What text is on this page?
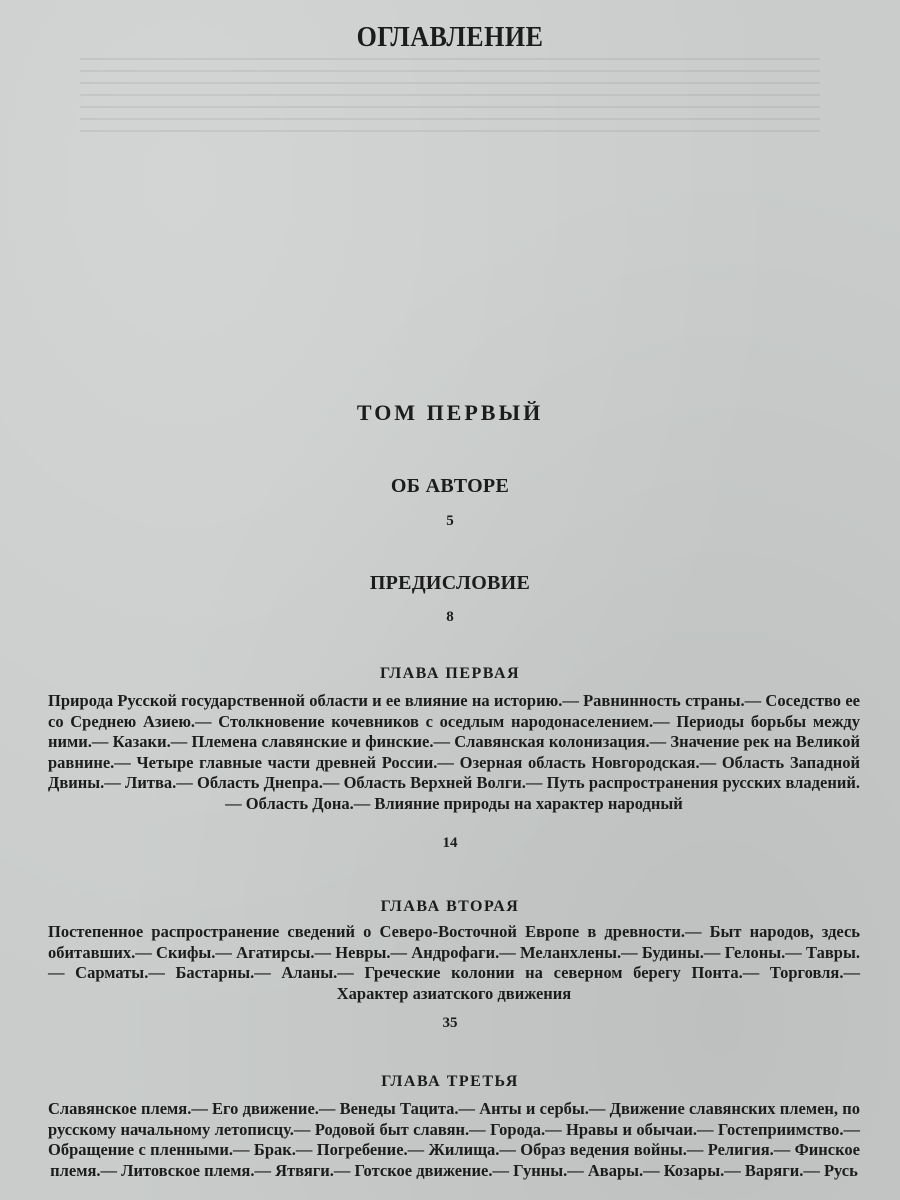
ОГЛАВЛЕНИЕ
ТОМ ПЕРВЫЙ
ОБ АВТОРЕ
5
ПРЕДИСЛОВИЕ
8
ГЛАВА ПЕРВАЯ
Природа Русской государственной области и ее влияние на историю.— Равнинность страны.— Соседство ее со Среднею Азиею.— Столкновение кочевников с оседлым народонаселением.— Периоды борьбы между ними.— Казаки.— Племена славянские и финские.— Славянская колонизация.— Значение рек на Великой равнине.— Четыре главные части древней России.— Озерная область Новгородская.— Область Западной Двины.— Литва.— Область Днепра.— Область Верхней Волги.— Путь распространения русских владений.— Область Дона.— Влияние природы на характер народный
14
ГЛАВА ВТОРАЯ
Постепенное распространение сведений о Северо-Восточной Европе в древности.— Быт народов, здесь обитавших.— Скифы.— Агатирсы.— Невры.— Андрофаги.— Меланхлены.— Будины.— Гелоны.— Тавры.— Сарматы.— Бастарны.— Аланы.— Греческие колонии на северном берегу Понта.— Торговля.— Характер азиатского движения
35
ГЛАВА ТРЕТЬЯ
Славянское племя.— Его движение.— Венеды Тацита.— Анты и сербы.— Движение славянских племен, по русскому начальному летописцу.— Родовой быт славян.— Города.— Нравы и обычаи.— Гостеприимство.— Обращение с пленными.— Брак.— Погребение.— Жилища.— Образ ведения войны.— Религия.— Финское племя.— Литовское племя.— Ятвяги.— Готское движение.— Гунны.— Авары.— Козары.— Варяги.— Русь
